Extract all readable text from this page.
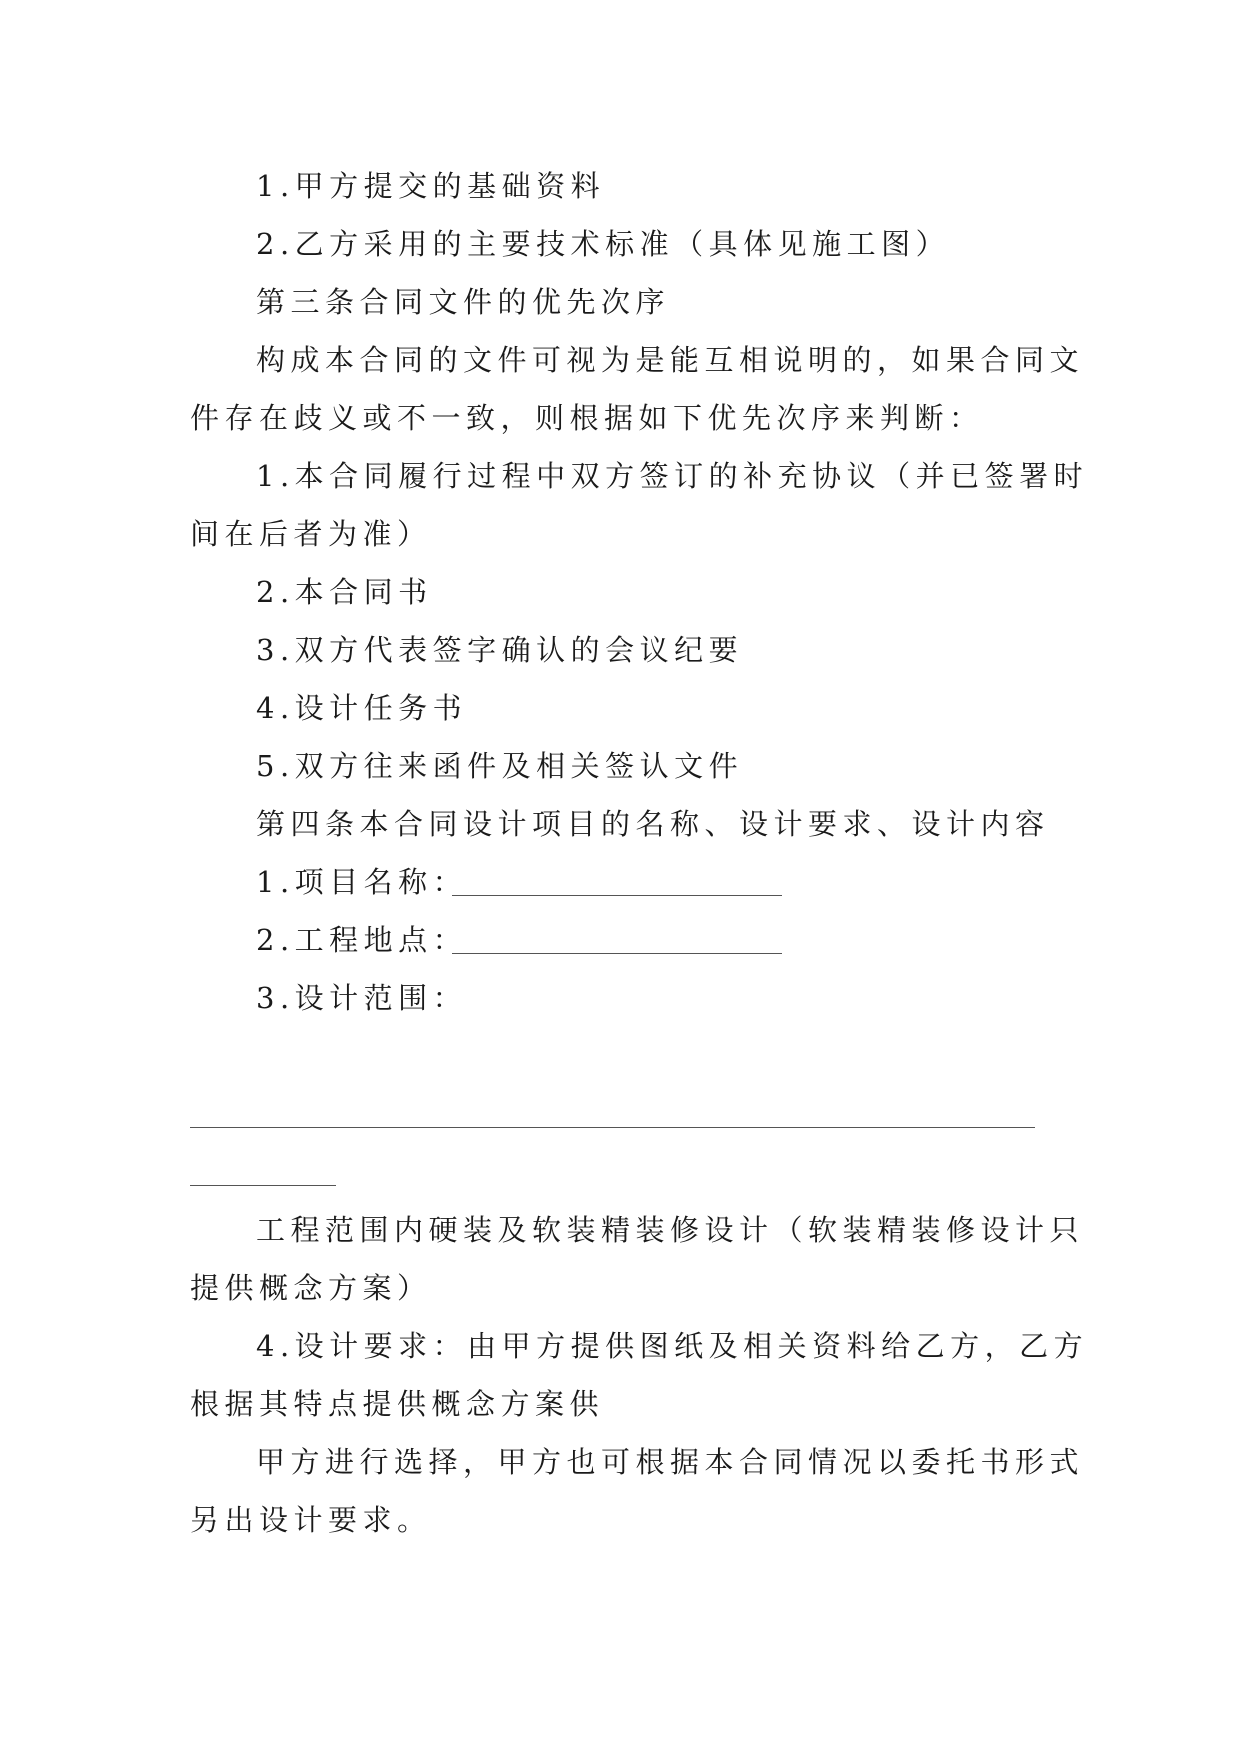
1.甲方提交的基础资料
2.乙方采用的主要技术标准（具体见施工图）
第三条合同文件的优先次序
构成本合同的文件可视为是能互相说明的，如果合同文
件存在歧义或不一致，则根据如下优先次序来判断：
1.本合同履行过程中双方签订的补充协议（并已签署时
间在后者为准）
2.本合同书
3.双方代表签字确认的会议纪要
4.设计任务书
5.双方往来函件及相关签认文件
第四条本合同设计项目的名称、设计要求、设计内容
1.项目名称：
2.工程地点：
3.设计范围：
工程范围内硬装及软装精装修设计（软装精装修设计只
提供概念方案）
4.设计要求：由甲方提供图纸及相关资料给乙方，乙方
根据其特点提供概念方案供
甲方进行选择，甲方也可根据本合同情况以委托书形式
另出设计要求。
